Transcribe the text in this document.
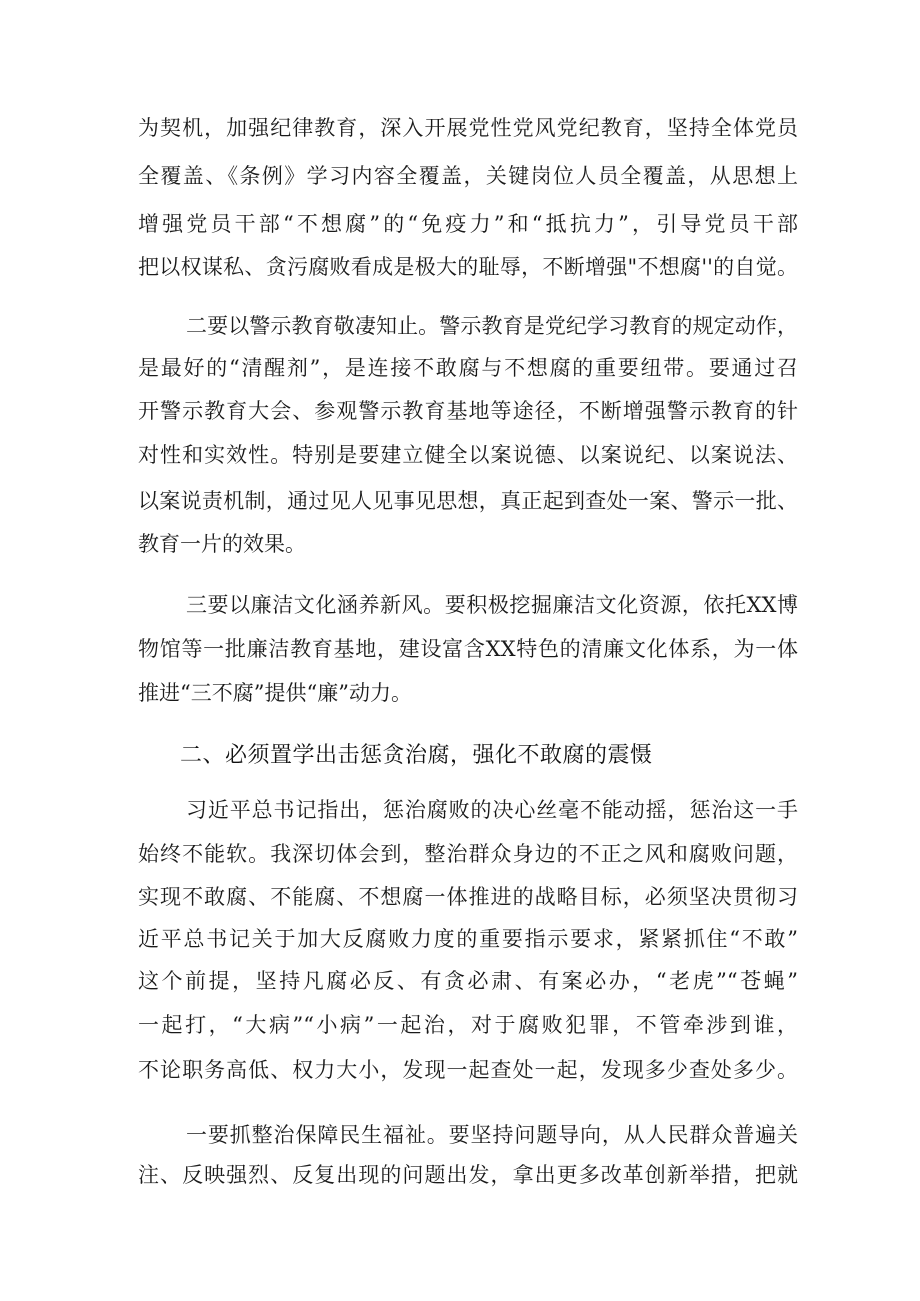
为契机，加强纪律教育，深入开展党性党风党纪教育，坚持全体党员
全覆盖、《条例》学习内容全覆盖，关键岗位人员全覆盖，从思想上
增强党员干部“不想腐”的“免疫力”和“抵抗力”，引导党员干部
把以权谋私、贪污腐败看成是极大的耻辱，不断增强"不想腐''的自觉。
二要以警示教育敬凄知止。警示教育是党纪学习教育的规定动作，
是最好的“清醒剂”，是连接不敢腐与不想腐的重要纽带。要通过召
开警示教育大会、参观警示教育基地等途径，不断增强警示教育的针
对性和实效性。特别是要建立健全以案说德、以案说纪、以案说法、
以案说责机制，通过见人见事见思想，真正起到查处一案、警示一批、
教育一片的效果。
三要以廉洁文化涵养新风。要积极挖掘廉洁文化资源，依托XX博
物馆等一批廉洁教育基地，建设富含XX特色的清廉文化体系，为一体
推进“三不腐”提供“廉”动力。
二、必须置学出击惩贪治腐，强化不敢腐的震慑
习近平总书记指出，惩治腐败的决心丝毫不能动摇，惩治这一手
始终不能软。我深切体会到，整治群众身边的不正之风和腐败问题，
实现不敢腐、不能腐、不想腐一体推进的战略目标，必须坚决贯彻习
近平总书记关于加大反腐败力度的重要指示要求，紧紧抓住“不敢”
这个前提，坚持凡腐必反、有贪必肃、有案必办，“老虎”“苍蝇”
一起打，“大病”“小病”一起治，对于腐败犯罪，不管牵涉到谁，
不论职务高低、权力大小，发现一起查处一起，发现多少查处多少。
一要抓整治保障民生福祉。要坚持问题导向，从人民群众普遍关
注、反映强烈、反复出现的问题出发，拿出更多改革创新举措，把就
